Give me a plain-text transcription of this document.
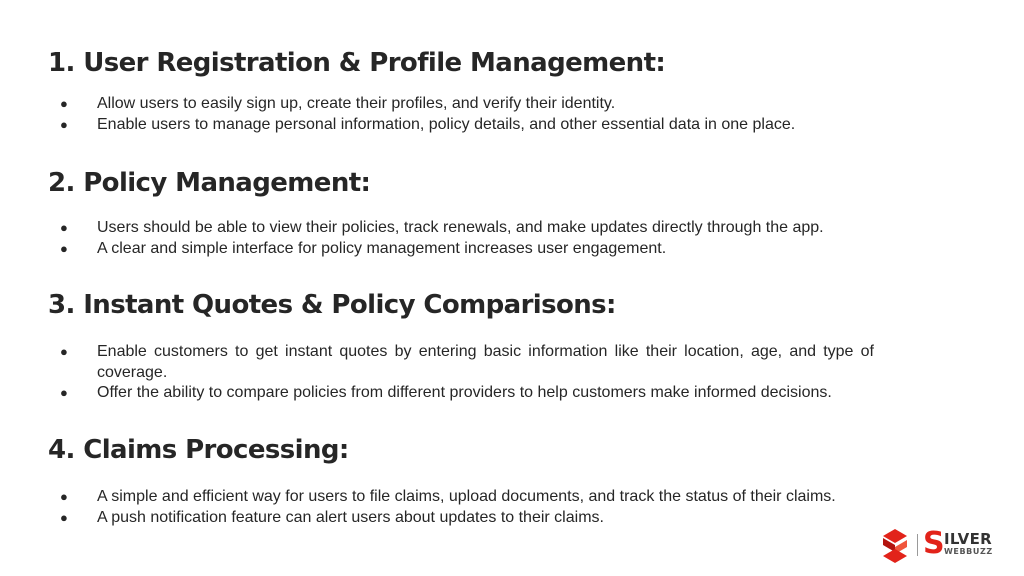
1. User Registration & Profile Management:
● Allow users to easily sign up, create their profiles, and verify their identity.
● Enable users to manage personal information, policy details, and other essential data in one place.
2. Policy Management:
● Users should be able to view their policies, track renewals, and make updates directly through the app.
● A clear and simple interface for policy management increases user engagement.
3. Instant Quotes & Policy Comparisons:
● Enable customers to get instant quotes by entering basic information like their location, age, and type of coverage.
● Offer the ability to compare policies from different providers to help customers make informed decisions.
4. Claims Processing:
● A simple and efficient way for users to file claims, upload documents, and track the status of their claims.
● A push notification feature can alert users about updates to their claims.
S ILVER
WEBBUZZ
